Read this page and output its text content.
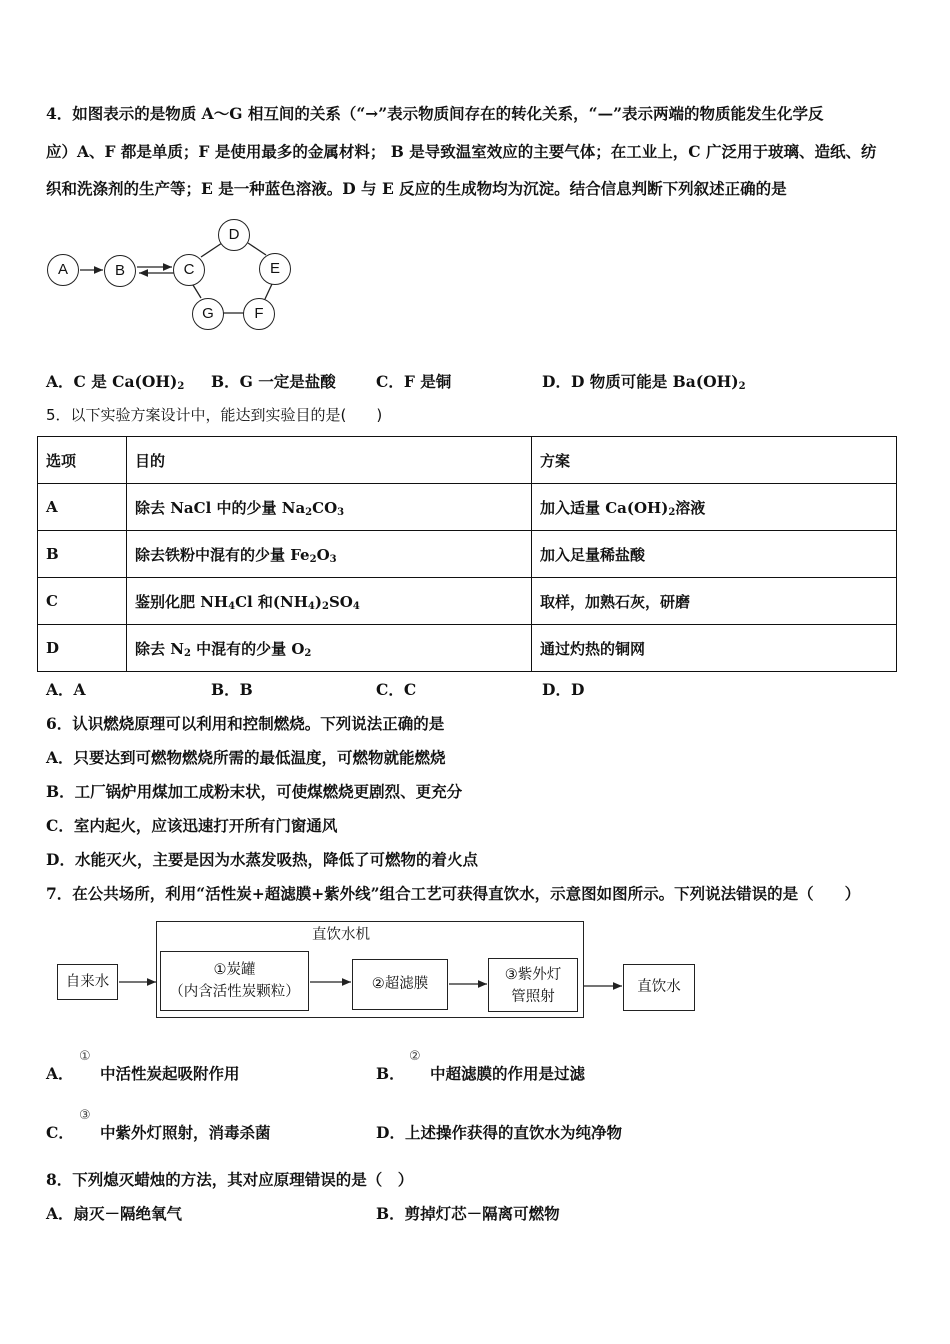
4．如图表示的是物质 A～G 相互间的关系（“→”表示物质间存在的转化关系，“—”表示两端的物质能发生化学反
应）A、F 都是单质；F 是使用最多的金属材料； B 是导致温室效应的主要气体；在工业上，C 广泛用于玻璃、造纸、纺
织和洗涤剂的生产等；E 是一种蓝色溶液。D 与 E 反应的生成物均为沉淀。结合信息判断下列叙述正确的是
A	B	C
D
E
F
G
A．C 是 $Ca(OH)_2$ B．G 一定是盐酸	C．F 是铜	D．D 物质可能是 $Ba(OH)_2$
5．以下实验方案设计中，能达到实验目的是(　　)
选项	目的	方案
A	除去 NaCl 中的少量 $Na_2CO_3$	加入适量 $Ca(OH)_2$溶液
B	除去铁粉中混有的少量 $Fe_2O_3$	加入足量稀盐酸
C	鉴别化肥 $NH_4Cl$ 和$(NH_4)_2SO_4$	取样，加熟石灰，研磨
D	除去 $N_2$ 中混有的少量 $O_2$	通过灼热的铜网
A．A	B．B	C．C	D．D
6．认识燃烧原理可以利用和控制燃烧。下列说法正确的是
A．只要达到可燃物燃烧所需的最低温度，可燃物就能燃烧
B．工厂锅炉用煤加工成粉末状，可使煤燃烧更剧烈、更充分
C．室内起火，应该迅速打开所有门窗通风
D．水能灭火，主要是因为水蒸发吸热，降低了可燃物的着火点
7．在公共场所，利用“活性炭+超滤膜+紫外线”组合工艺可获得直饮水，示意图如图所示。下列说法错误的是（　　）
直饮水机
自来水
①炭罐
（内含活性炭颗粒）	②超滤膜
③紫外灯
管照射
直饮水
A．
①
中活性炭起吸附作用	B．
②
中超滤膜的作用是过滤
C．
③
中紫外灯照射，消毒杀菌	D．上述操作获得的直饮水为纯净物
8．下列熄灭蜡烛的方法，其对应原理错误的是（　）
A．扇灭－隔绝氧气	B．剪掉灯芯－隔离可燃物
